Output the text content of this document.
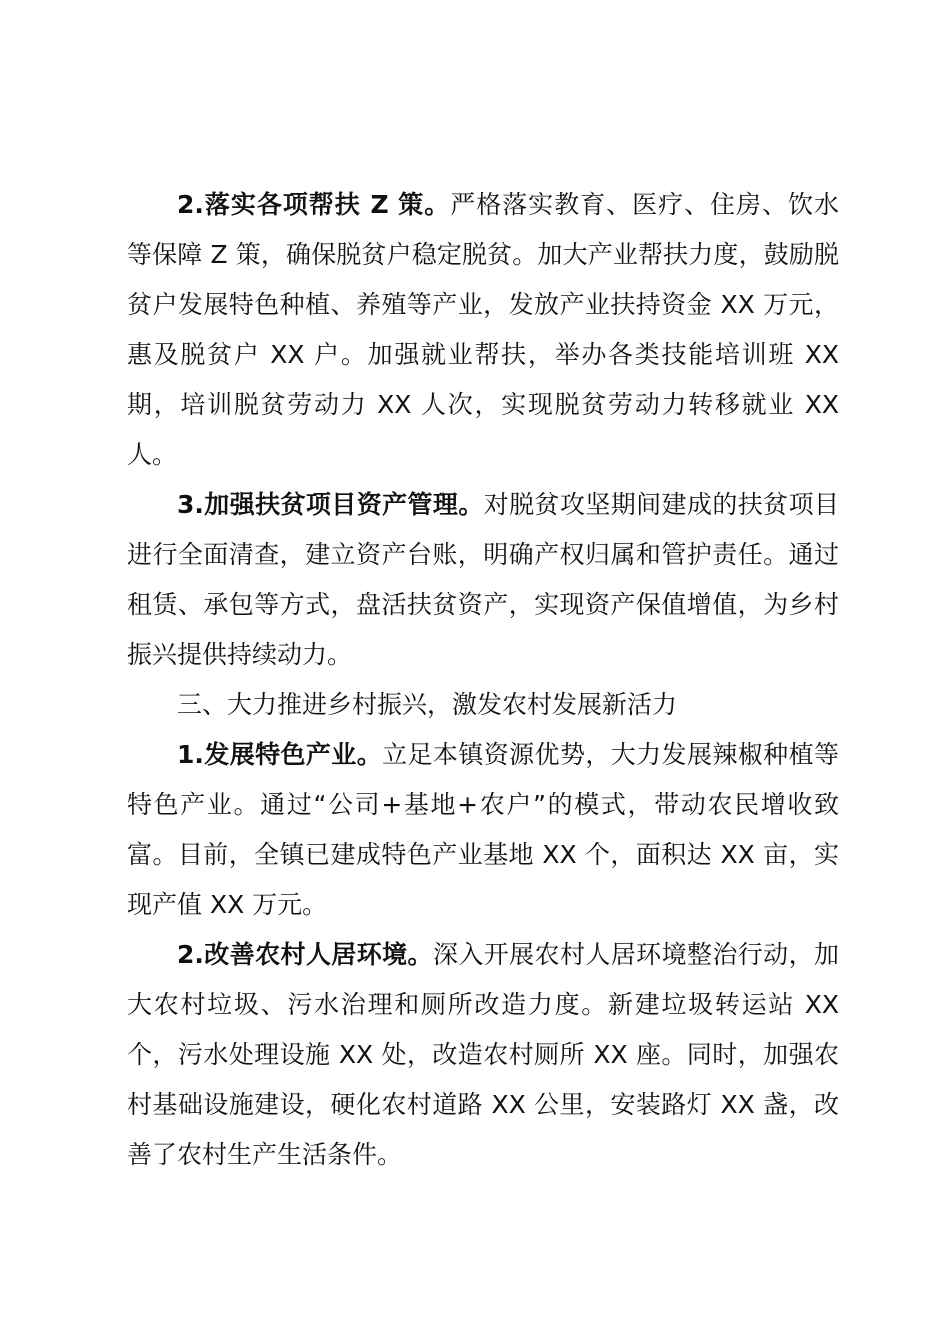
2.落实各项帮扶 Z 策。严格落实教育、医疗、住房、饮水等保障 Z 策，确保脱贫户稳定脱贫。加大产业帮扶力度，鼓励脱贫户发展特色种植、养殖等产业，发放产业扶持资金 XX 万元，惠及脱贫户 XX 户。加强就业帮扶，举办各类技能培训班 XX 期，培训脱贫劳动力 XX 人次，实现脱贫劳动力转移就业 XX 人。

3.加强扶贫项目资产管理。对脱贫攻坚期间建成的扶贫项目进行全面清查，建立资产台账，明确产权归属和管护责任。通过租赁、承包等方式，盘活扶贫资产，实现资产保值增值，为乡村振兴提供持续动力。

三、大力推进乡村振兴，激发农村发展新活力

1.发展特色产业。立足本镇资源优势，大力发展辣椒种植等特色产业。通过“公司+基地+农户”的模式，带动农民增收致富。目前，全镇已建成特色产业基地 XX 个，面积达 XX 亩，实现产值 XX 万元。

2.改善农村人居环境。深入开展农村人居环境整治行动，加大农村垃圾、污水治理和厕所改造力度。新建垃圾转运站 XX 个，污水处理设施 XX 处，改造农村厕所 XX 座。同时，加强农村基础设施建设，硬化农村道路 XX 公里，安装路灯 XX 盏，改善了农村生产生活条件。
